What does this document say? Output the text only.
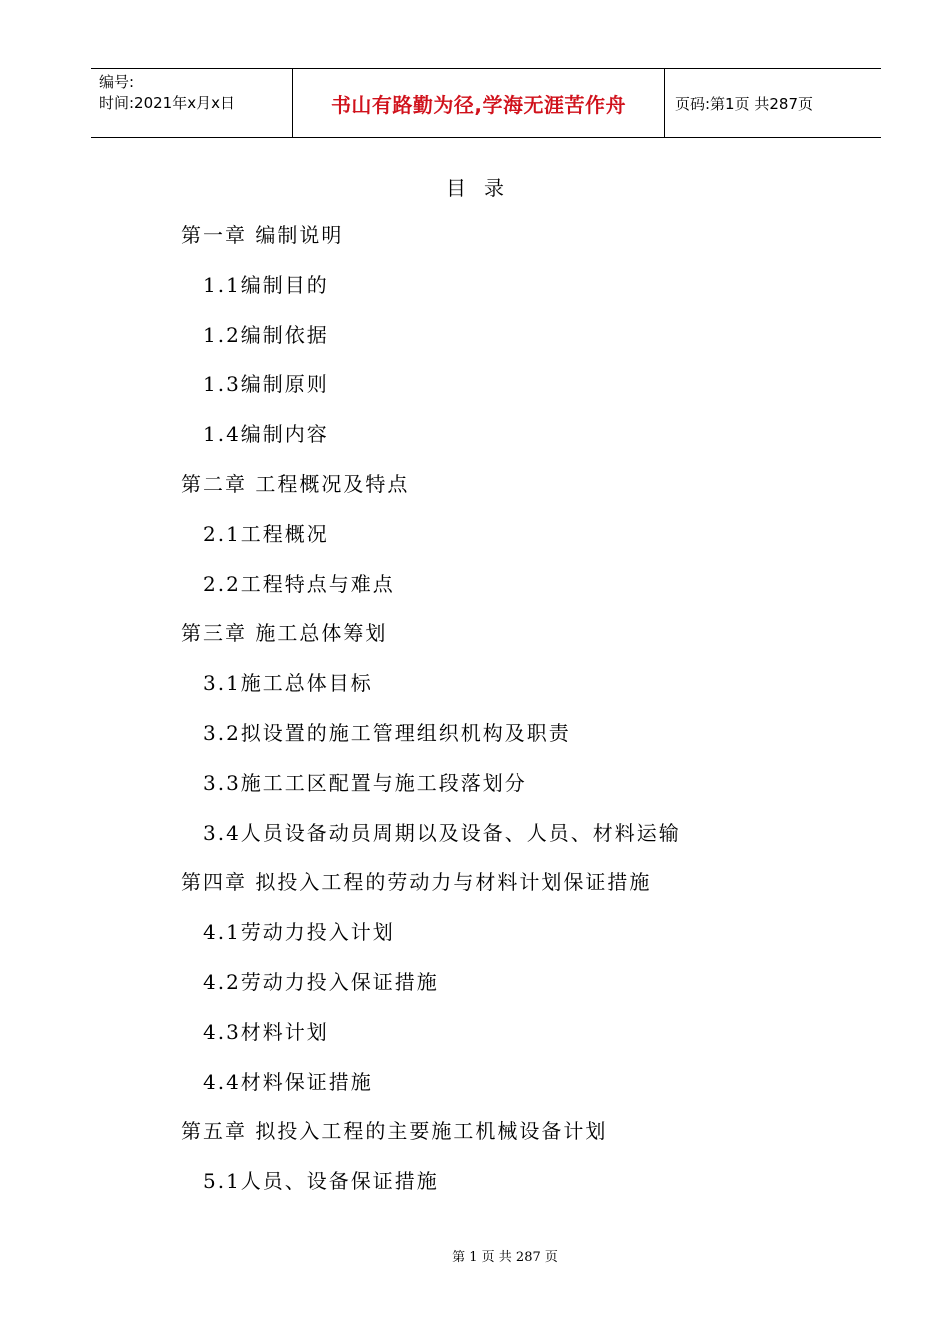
编号:
时间:2021年x月x日	书山有路勤为径,学海无涯苦作舟	页码:第1页 共287页
目录
第一章 编制说明
1.1编制目的
1.2编制依据
1.3编制原则
1.4编制内容
第二章 工程概况及特点
2.1工程概况
2.2工程特点与难点
第三章 施工总体筹划
3.1施工总体目标
3.2拟设置的施工管理组织机构及职责
3.3施工工区配置与施工段落划分
3.4人员设备动员周期以及设备、人员、材料运输
第四章 拟投入工程的劳动力与材料计划保证措施
4.1劳动力投入计划
4.2劳动力投入保证措施
4.3材料计划
4.4材料保证措施
第五章 拟投入工程的主要施工机械设备计划
5.1人员、设备保证措施
第 1 页 共 287 页
